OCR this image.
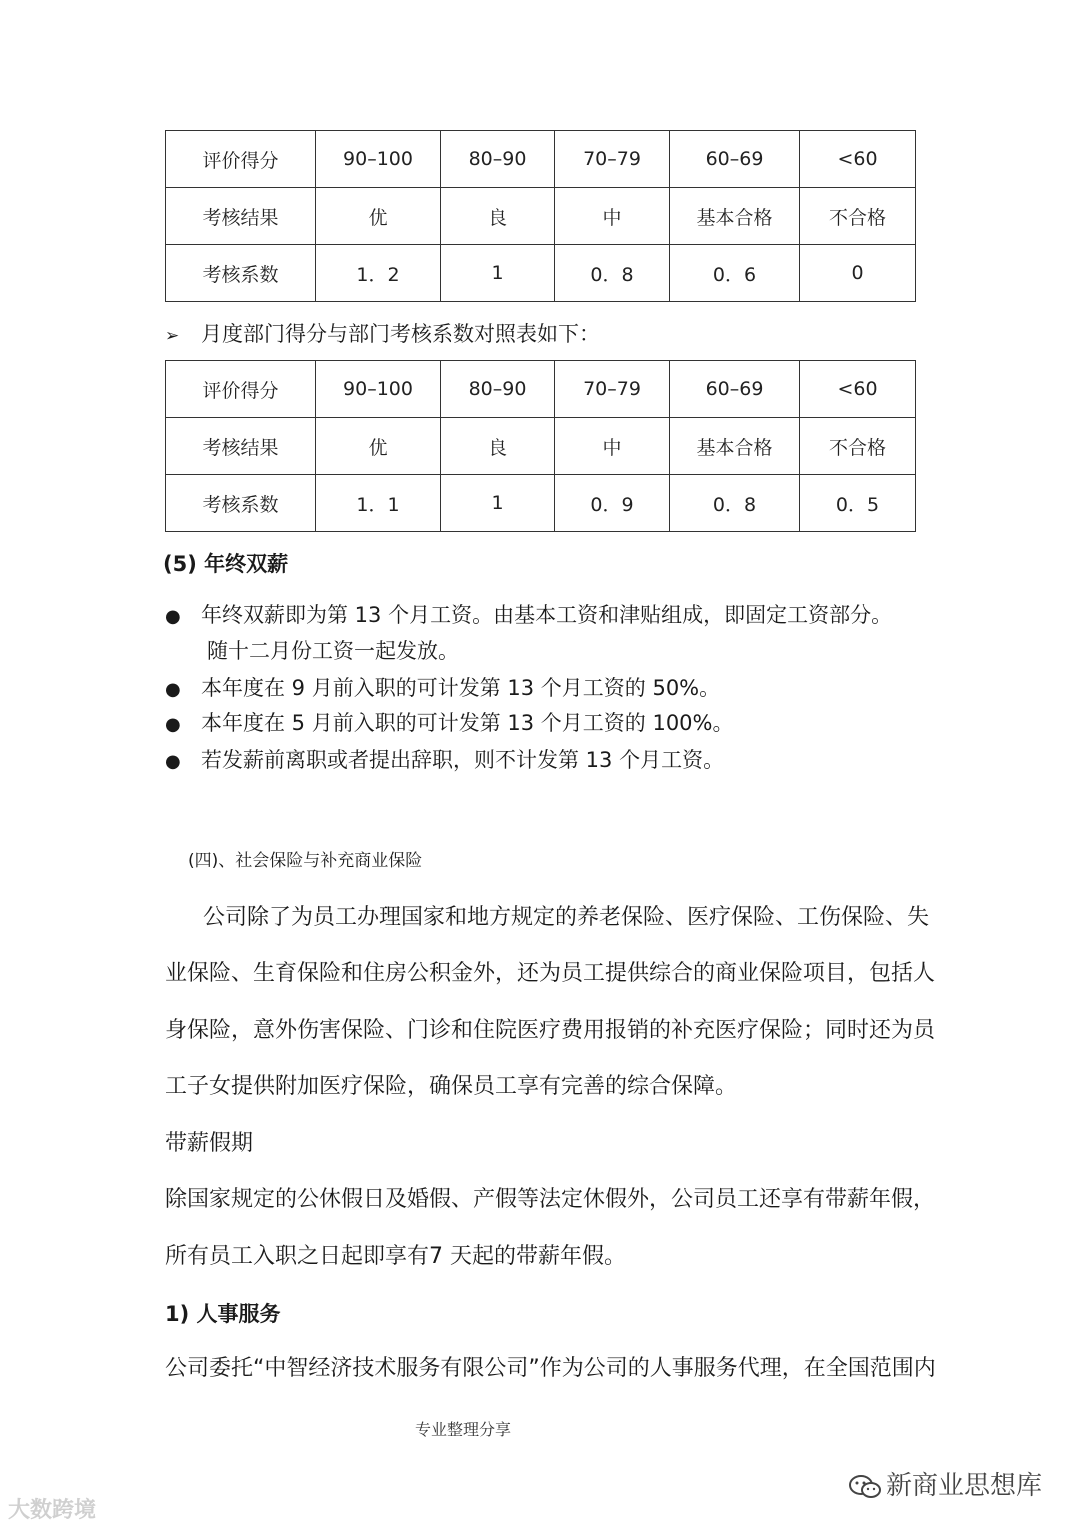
评价得分	90–100	80–90	70–79	60–69	<60
考核结果	优	良	中	基本合格	不合格
考核系数	1．2	1	0．8	0．6	0
➢ 月度部门得分与部门考核系数对照表如下：
评价得分	90–100	80–90	70–79	60–69	<60
考核结果	优	良	中	基本合格	不合格
考核系数	1．1	1	0．9	0．8	0．5
(5) 年终双薪
● 年终双薪即为第 13 个月工资。由基本工资和津贴组成，即固定工资部分。
随十二月份工资一起发放。
● 本年度在 9 月前入职的可计发第 13 个月工资的 50%。
● 本年度在 5 月前入职的可计发第 13 个月工资的 100%。
● 若发薪前离职或者提出辞职，则不计发第 13 个月工资。
(四)、社会保险与补充商业保险
公司除了为员工办理国家和地方规定的养老保险、医疗保险、工伤保险、失
业保险、生育保险和住房公积金外，还为员工提供综合的商业保险项目，包括人
身保险，意外伤害保险、门诊和住院医疗费用报销的补充医疗保险；同时还为员
工子女提供附加医疗保险，确保员工享有完善的综合保障。
带薪假期
除国家规定的公休假日及婚假、产假等法定休假外，公司员工还享有带薪年假，
所有员工入职之日起即享有7 天起的带薪年假。
1) 人事服务
公司委托“中智经济技术服务有限公司”作为公司的人事服务代理，在全国范围内
专业整理分享
大数跨境
新商业思想库
